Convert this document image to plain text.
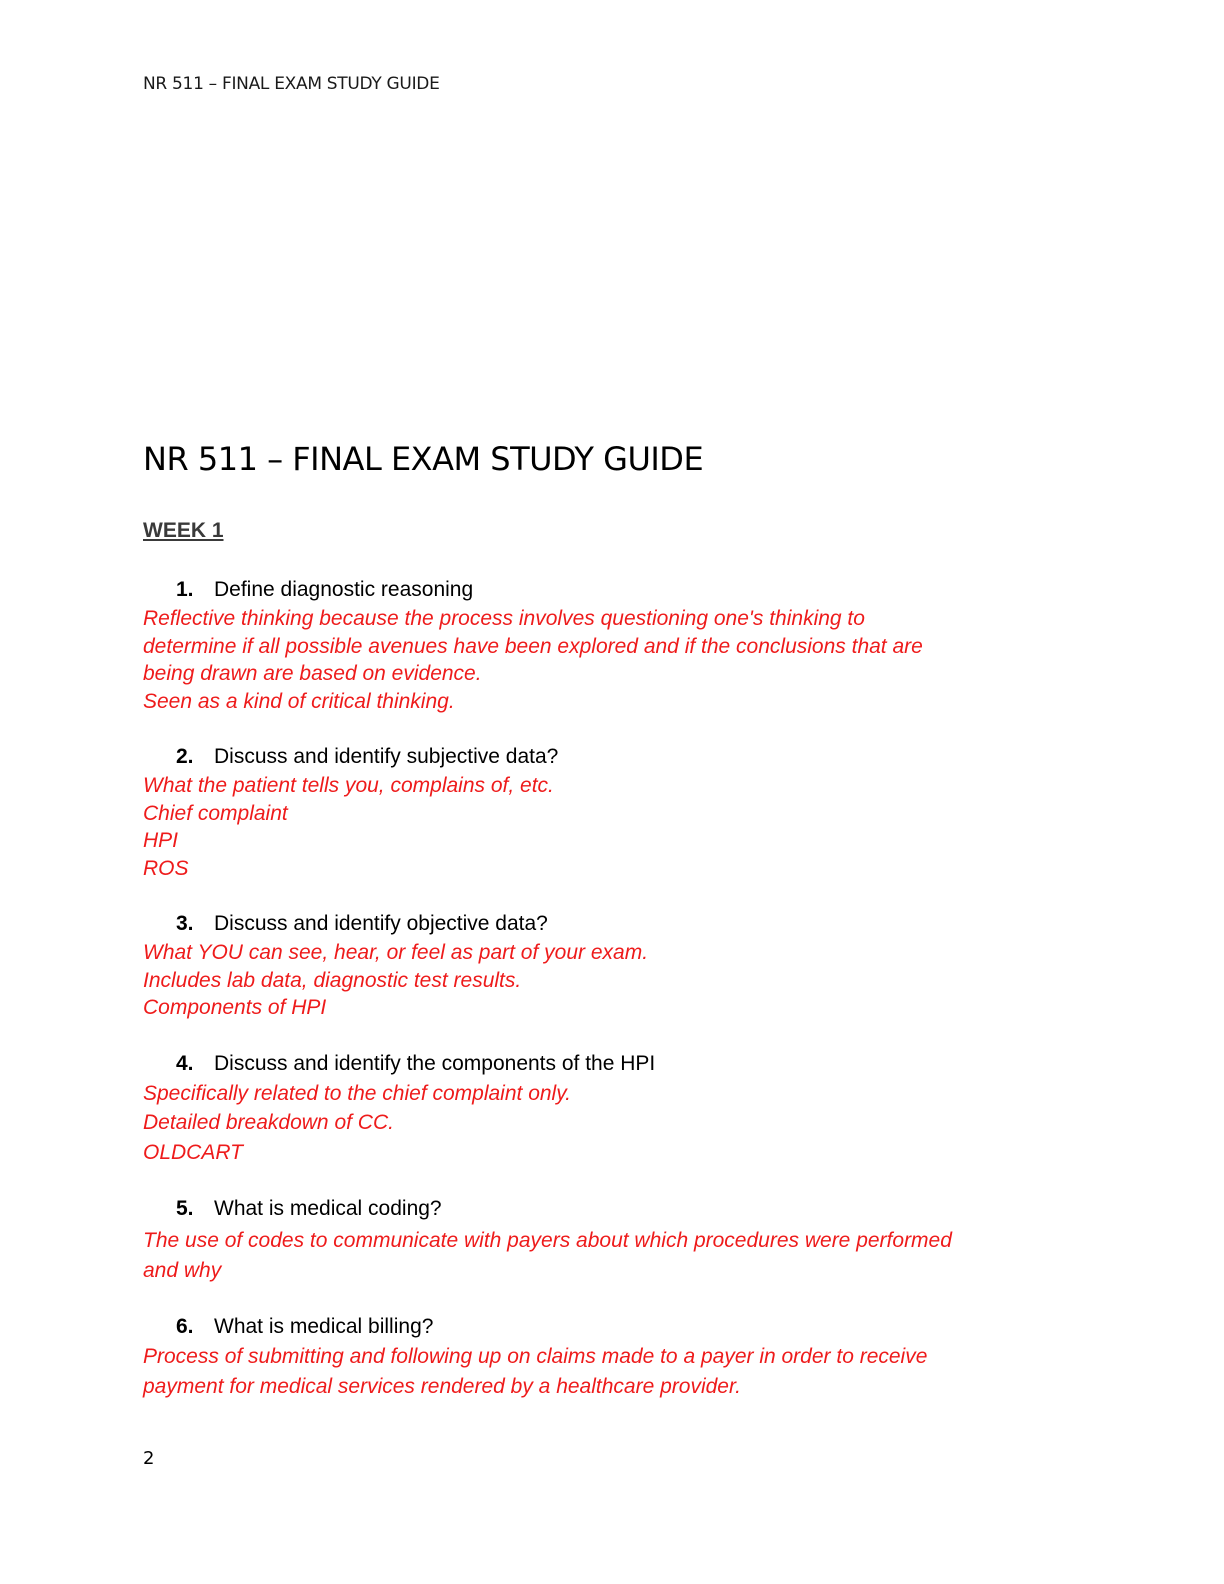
NR 511 – FINAL EXAM STUDY GUIDE
NR 511 – FINAL EXAM STUDY GUIDE
WEEK 1
1. Define diagnostic reasoning
Reflective thinking because the process involves questioning one's thinking to
determine if all possible avenues have been explored and if the conclusions that are
being drawn are based on evidence.
Seen as a kind of critical thinking.
2. Discuss and identify subjective data?
What the patient tells you, complains of, etc.
Chief complaint
HPI
ROS
3. Discuss and identify objective data?
What YOU can see, hear, or feel as part of your exam.
Includes lab data, diagnostic test results.
Components of HPI
4. Discuss and identify the components of the HPI
Specifically related to the chief complaint only.
Detailed breakdown of CC.
OLDCART
5. What is medical coding?
The use of codes to communicate with payers about which procedures were performed
and why
6. What is medical billing?
Process of submitting and following up on claims made to a payer in order to receive
payment for medical services rendered by a healthcare provider.
2
